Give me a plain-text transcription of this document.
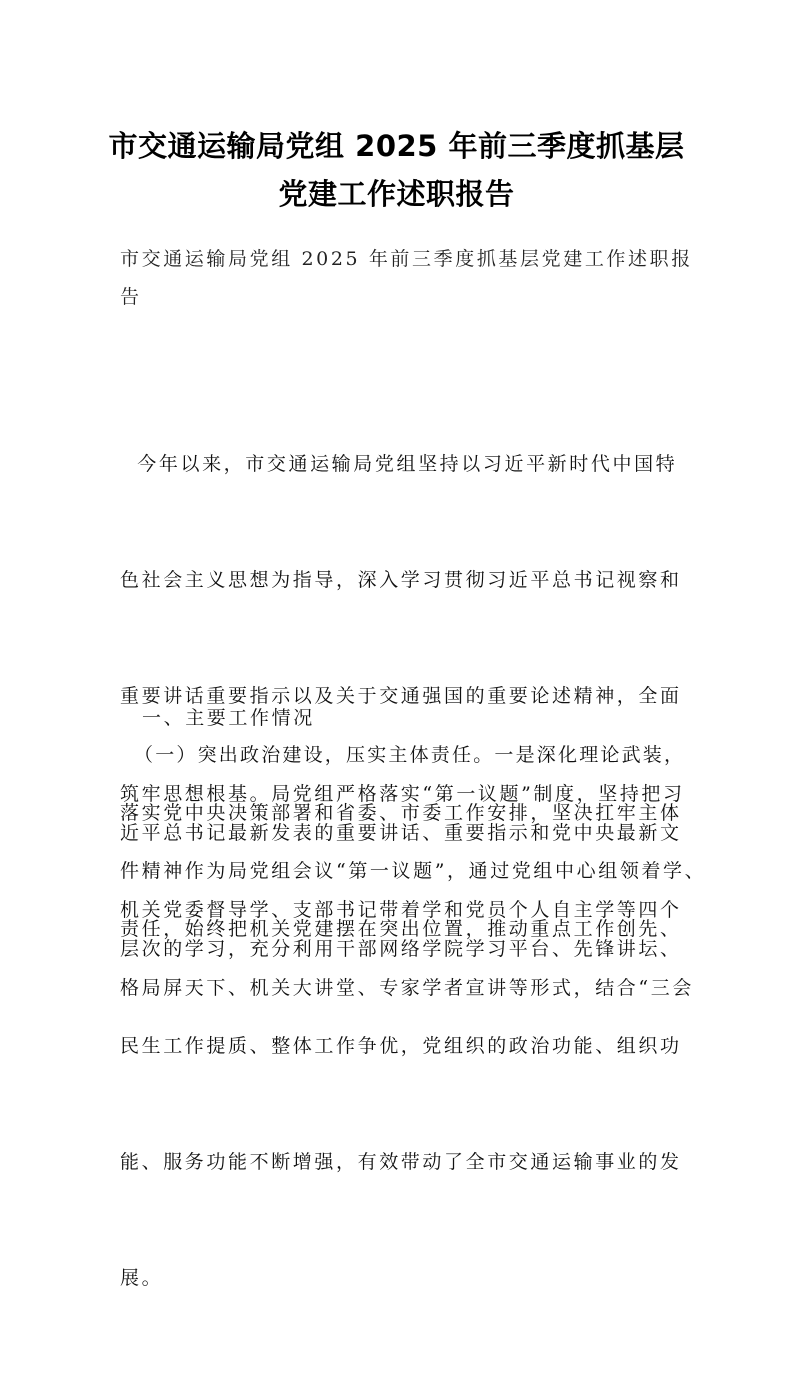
市交通运输局党组 2025 年前三季度抓基层
党建工作述职报告

市交通运输局党组 2025 年前三季度抓基层党建工作述职报
告

今年以来，市交通运输局党组坚持以习近平新时代中国特

色社会主义思想为指导，深入学习贯彻习近平总书记视察和

重要讲话重要指示以及关于交通强国的重要论述精神，全面

落实党中央决策部署和省委、市委工作安排，坚决扛牢主体

责任，始终把机关党建摆在突出位置，推动重点工作创先、

民生工作提质、整体工作争优，党组织的政治功能、组织功

能、服务功能不断增强，有效带动了全市交通运输事业的发

展。

一、主要工作情况

（一）突出政治建设，压实主体责任。一是深化理论武装，
筑牢思想根基。局党组严格落实“第一议题”制度，坚持把习
近平总书记最新发表的重要讲话、重要指示和党中央最新文
件精神作为局党组会议“第一议题”，通过党组中心组领着学、
机关党委督导学、支部书记带着学和党员个人自主学等四个
层次的学习，充分利用干部网络学院学习平台、先锋讲坛、
格局屏天下、机关大讲堂、专家学者宣讲等形式，结合“三会
